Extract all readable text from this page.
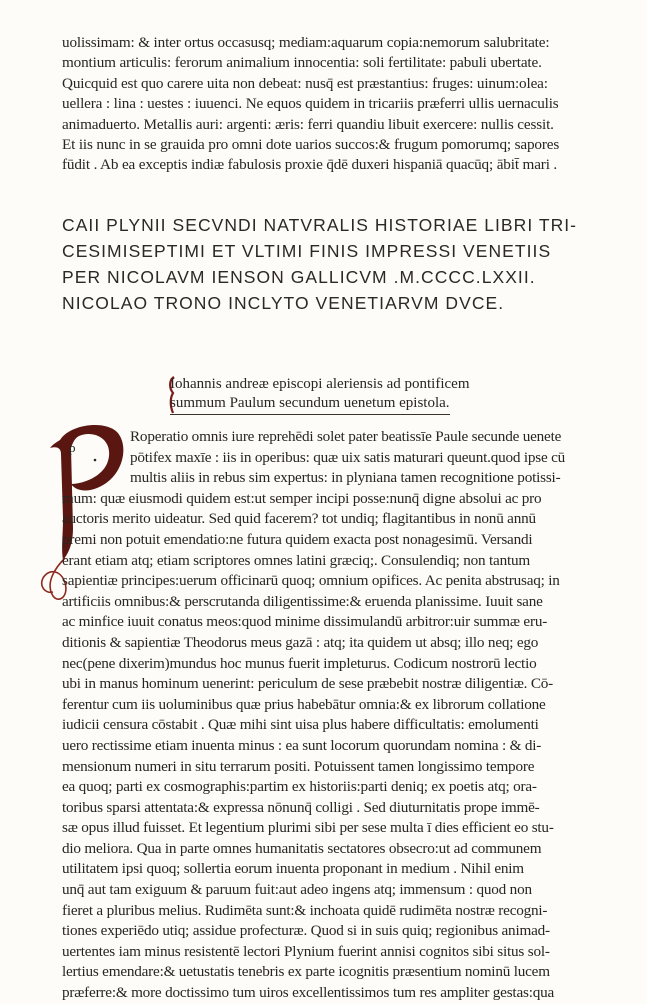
uolissimam: & inter ortus occasusq; mediam:aquarum copia:nemorum salubritate:
montium articulis: ferorum animalium innocentia: soli fertilitate: pabuli ubertate.
Quicquid est quo carere uita non debeat: nusq̄ est præstantius: fruges: uinum:olea:
uellera : lina : uestes : iuuenci. Ne equos quidem in tricariis præferri ullis uernaculis
animaduerto. Metallis auri: argenti: æris: ferri quandiu libuit exercere: nullis cessit.
Et iis nunc in se grauida pro omni dote uarios succos:& frugum pomorumq; sapores
fūdit . Ab ea exceptis indiæ fabulosis proxie q̄dē duxeri hispaniā quacūq; ābit̄ mari .
CAII PLYNII SECVNDI NATVRALIS HISTORIAE LIBRI TRI-
CESIMISEPTIMI ET VLTIMI FINIS IMPRESSI VENETIIS
PER NICOLAVM IENSON GALLICVM .M.CCCC.LXXII.
NICOLAO TRONO INCLYTO VENETIARVM DVCE.
Iohannis andreæ episcopi aleriensis ad pontificem
summum Paulum secundum uenetum epistola.
p
Roperatio omnis iure reprehēdi solet pater beatissīe Paule secunde uenete
pōtifex maxīe : iis in operibus: quæ uix satis maturari queunt.quod ipse cū
multis aliis in rebus sim expertus: in plyniana tamen recognitione potissi-
mum: quæ eiusmodi quidem est:ut semper incipi posse:nunq̄ digne absolui ac pro
auctoris merito uideatur. Sed quid facerem? tot undiq; flagitantibus in nonū annū
premi non potuit emendatio:ne futura quidem exacta post nonagesimū. Versandi
erant etiam atq; etiam scriptores omnes latini græciq;. Consulendiq; non tantum
sapientiæ principes:uerum officinarū quoq; omnium opifices. Ac penita abstrusaq; in
artificiis omnibus:& perscrutanda diligentissime:& eruenda planissime. Iuuit sane
ac minfice iuuit conatus meos:quod minime dissimulandū arbitror:uir summæ eru-
ditionis & sapientiæ Theodorus meus gazā : atq; ita quidem ut absq; illo neq; ego
nec(pene dixerim)mundus hoc munus fuerit impleturus. Codicum nostrorū lectio
ubi in manus hominum uenerint: periculum de sese præbebit nostræ diligentiæ. Cō-
ferentur cum iis uoluminibus quæ prius habebātur omnia:& ex librorum collatione
iudicii censura cōstabit . Quæ mihi sint uisa plus habere difficultatis: emolumenti
uero rectissime etiam inuenta minus : ea sunt locorum quorundam nomina : & di-
mensionum numeri in situ terrarum positi. Potuissent tamen longissimo tempore
ea quoq; parti ex cosmographis:partim ex historiis:parti deniq; ex poetis atq; ora-
toribus sparsi attentata:& expressa nōnunq̄ colligi . Sed diuturnitatis prope immē-
sæ opus illud fuisset. Et legentium plurimi sibi per sese multa ī dies efficient eo stu-
dio meliora. Qua in parte omnes humanitatis sectatores obsecro:ut ad communem
utilitatem ipsi quoq; sollertia eorum inuenta proponant in medium . Nihil enim
unq̄ aut tam exiguum & paruum fuit:aut adeo ingens atq; immensum : quod non
fieret a pluribus melius. Rudimēta sunt:& inchoata quidē rudimēta nostræ recogni-
tiones experiēdo utiq; assidue profecturæ. Quod si in suis quiq; regionibus animad-
uertentes iam minus resistentē lectori Plynium fuerint annisi cognitos sibi situs sol-
lertius emendare:& uetustatis tenebris ex parte icognitis præsentium nominū lucem
præferre:& more doctissimo tum uiros excellentissimos tum res ampliter gestas:qua
